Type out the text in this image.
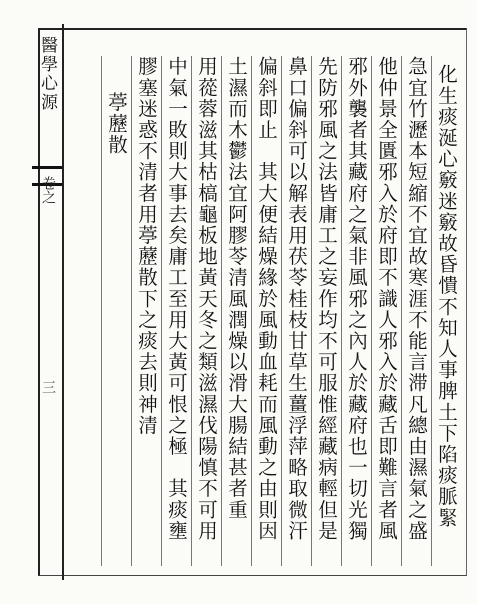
醫學心源
卷之
三	化生痰涎心竅迷竅故昏憒不知人事脾土下陷痰脈緊
急宜竹瀝本短縮不宜故寒涯不能言滞凡總由濕氣之盛
他仲景全匱邪入於府即不識人邪入於藏舌即難言者風
邪外襲者其藏府之氣非風邪之內人於藏府也一切光獨
先防邪風之法皆庸工之妄作均不可服惟經藏病輕但是
鼻口偏斜可以解表用茯苓桂枝甘草生薑浮萍略取微汗
偏斜即止　其大便結燥緣於風動血耗而風動之由則因
土濕而木鬱法宜阿膠苓清風潤燥以滑大腸結甚者重
用蓯蓉滋其枯槁龜板地黃天冬之類滋濕伐陽慎不可用
中氣一敗則大事去矣庸工至用大黃可恨之極　其痰壅
膠塞迷惑不清者用葶藶散下之痰去則神清
葶藶散
